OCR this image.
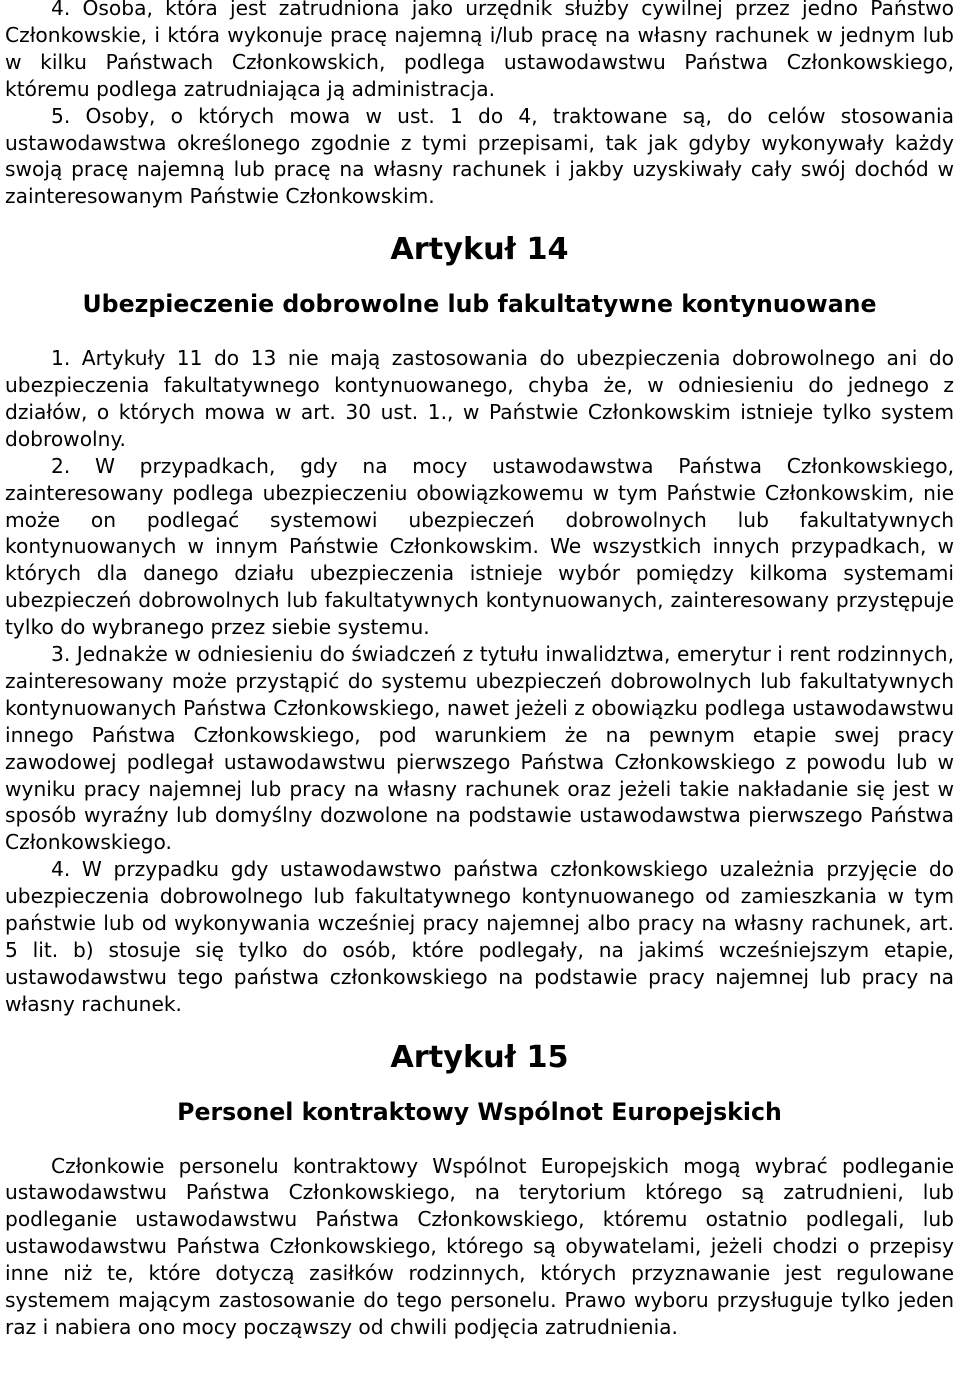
4. Osoba, która jest zatrudniona jako urzędnik służby cywilnej przez jedno Państwo Członkowskie, i która wykonuje pracę najemną i/lub pracę na własny rachunek w jednym lub w kilku Państwach Członkowskich, podlega ustawodawstwu Państwa Członkowskiego, któremu podlega zatrudniająca ją administracja.

5. Osoby, o których mowa w ust. 1 do 4, traktowane są, do celów stosowania ustawodawstwa określonego zgodnie z tymi przepisami, tak jak gdyby wykonywały każdy swoją pracę najemną lub pracę na własny rachunek i jakby uzyskiwały cały swój dochód w zainteresowanym Państwie Członkowskim.

Artykuł 14
Ubezpieczenie dobrowolne lub fakultatywne kontynuowane

1. Artykuły 11 do 13 nie mają zastosowania do ubezpieczenia dobrowolnego ani do ubezpieczenia fakultatywnego kontynuowanego, chyba że, w odniesieniu do jednego z działów, o których mowa w art. 30 ust. 1., w Państwie Członkowskim istnieje tylko system dobrowolny.

2. W przypadkach, gdy na mocy ustawodawstwa Państwa Członkowskiego, zainteresowany podlega ubezpieczeniu obowiązkowemu w tym Państwie Członkowskim, nie może on podlegać systemowi ubezpieczeń dobrowolnych lub fakultatywnych kontynuowanych w innym Państwie Członkowskim. We wszystkich innych przypadkach, w których dla danego działu ubezpieczenia istnieje wybór pomiędzy kilkoma systemami ubezpieczeń dobrowolnych lub fakultatywnych kontynuowanych, zainteresowany przystępuje tylko do wybranego przez siebie systemu.

3. Jednakże w odniesieniu do świadczeń z tytułu inwalidztwa, emerytur i rent rodzinnych, zainteresowany może przystąpić do systemu ubezpieczeń dobrowolnych lub fakultatywnych kontynuowanych Państwa Członkowskiego, nawet jeżeli z obowiązku podlega ustawodawstwu innego Państwa Członkowskiego, pod warunkiem że na pewnym etapie swej pracy zawodowej podlegał ustawodawstwu pierwszego Państwa Członkowskiego z powodu lub w wyniku pracy najemnej lub pracy na własny rachunek oraz jeżeli takie nakładanie się jest w sposób wyraźny lub domyślny dozwolone na podstawie ustawodawstwa pierwszego Państwa Członkowskiego.

4. W przypadku gdy ustawodawstwo państwa członkowskiego uzależnia przyjęcie do ubezpieczenia dobrowolnego lub fakultatywnego kontynuowanego od zamieszkania w tym państwie lub od wykonywania wcześniej pracy najemnej albo pracy na własny rachunek, art. 5 lit. b) stosuje się tylko do osób, które podlegały, na jakimś wcześniejszym etapie, ustawodawstwu tego państwa członkowskiego na podstawie pracy najemnej lub pracy na własny rachunek.

Artykuł 15
Personel kontraktowy Wspólnot Europejskich

Członkowie personelu kontraktowy Wspólnot Europejskich mogą wybrać podleganie ustawodawstwu Państwa Członkowskiego, na terytorium którego są zatrudnieni, lub podleganie ustawodawstwu Państwa Członkowskiego, któremu ostatnio podlegali, lub ustawodawstwu Państwa Członkowskiego, którego są obywatelami, jeżeli chodzi o przepisy inne niż te, które dotyczą zasiłków rodzinnych, których przyznawanie jest regulowane systemem mającym zastosowanie do tego personelu. Prawo wyboru przysługuje tylko jeden raz i nabiera ono mocy począwszy od chwili podjęcia zatrudnienia.
